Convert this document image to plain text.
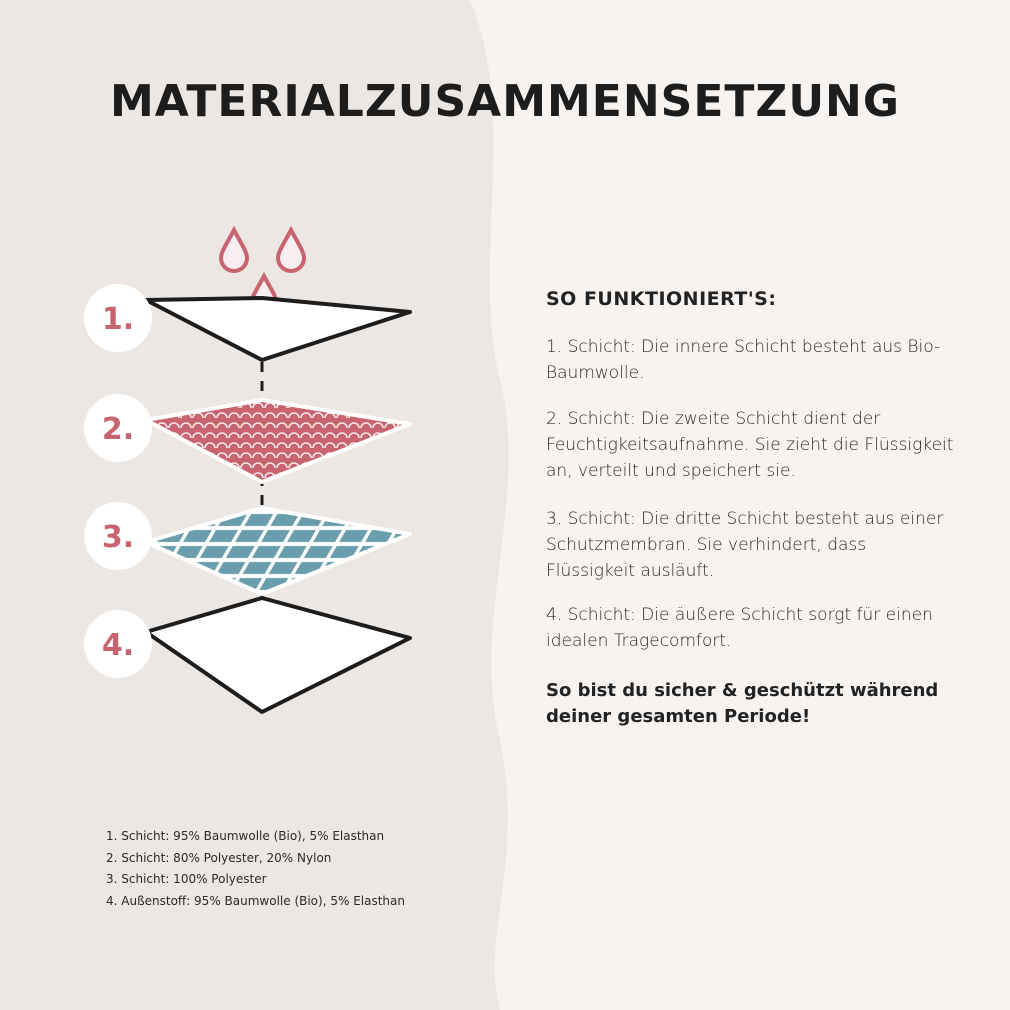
MATERIALZUSAMMENSETZUNG
1.
2.
3.
4.
SO FUNKTIONIERT'S:
1. Schicht: Die innere Schicht besteht aus Bio-Baumwolle.
2. Schicht: Die zweite Schicht dient der Feuchtigkeitsaufnahme. Sie zieht die Flüssigkeit an, verteilt und speichert sie.
3. Schicht: Die dritte Schicht besteht aus einer Schutzmembran. Sie verhindert, dass Flüssigkeit ausläuft.
4. Schicht: Die äußere Schicht sorgt für einen idealen Tragecomfort.
So bist du sicher & geschützt während deiner gesamten Periode!
1. Schicht: 95% Baumwolle (Bio), 5% Elasthan
2. Schicht: 80% Polyester, 20% Nylon
3. Schicht: 100% Polyester
4. Außenstoff: 95% Baumwolle (Bio), 5% Elasthan
